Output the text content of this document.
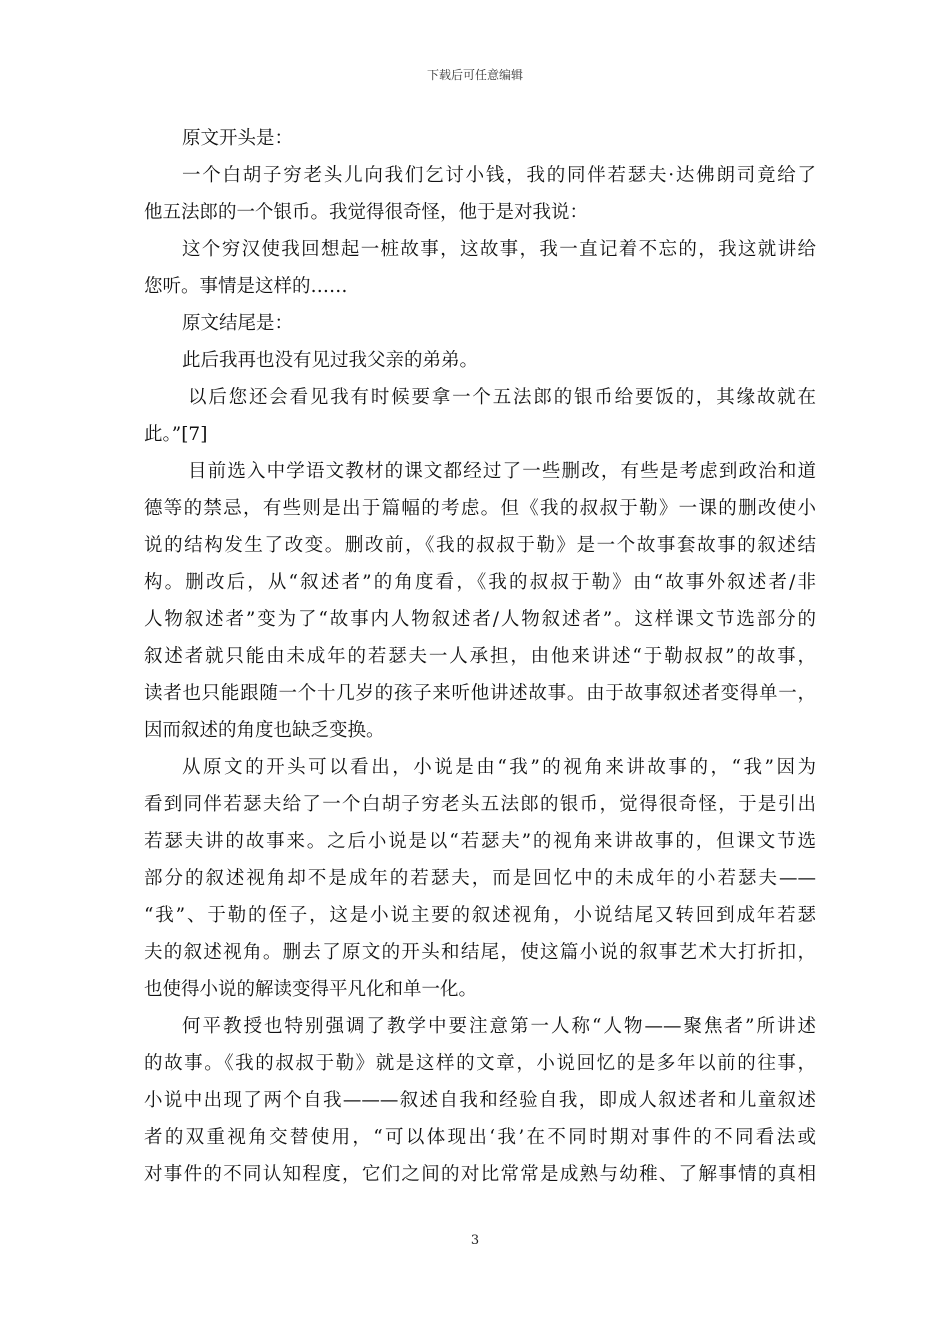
下载后可任意编辑
原文开头是：
一个白胡子穷老头儿向我们乞讨小钱，我的同伴若瑟夫·达佛朗司竟给了
他五法郎的一个银币。我觉得很奇怪，他于是对我说：
这个穷汉使我回想起一桩故事，这故事，我一直记着不忘的，我这就讲给
您听。事情是这样的……
原文结尾是：
此后我再也没有见过我父亲的弟弟。
以后您还会看见我有时候要拿一个五法郎的银币给要饭的，其缘故就在
此。”[7]
目前选入中学语文教材的课文都经过了一些删改，有些是考虑到政治和道
德等的禁忌，有些则是出于篇幅的考虑。但《我的叔叔于勒》一课的删改使小
说的结构发生了改变。删改前，《我的叔叔于勒》是一个故事套故事的叙述结
构。删改后，从“叙述者”的角度看，《我的叔叔于勒》由“故事外叙述者/非
人物叙述者”变为了“故事内人物叙述者/人物叙述者”。这样课文节选部分的
叙述者就只能由未成年的若瑟夫一人承担，由他来讲述“于勒叔叔”的故事，
读者也只能跟随一个十几岁的孩子来听他讲述故事。由于故事叙述者变得单一，
因而叙述的角度也缺乏变换。
从原文的开头可以看出，小说是由“我”的视角来讲故事的，“我”因为
看到同伴若瑟夫给了一个白胡子穷老头五法郎的银币，觉得很奇怪，于是引出
若瑟夫讲的故事来。之后小说是以“若瑟夫”的视角来讲故事的，但课文节选
部分的叙述视角却不是成年的若瑟夫，而是回忆中的未成年的小若瑟夫——
“我”、于勒的侄子，这是小说主要的叙述视角，小说结尾又转回到成年若瑟
夫的叙述视角。删去了原文的开头和结尾，使这篇小说的叙事艺术大打折扣，
也使得小说的解读变得平凡化和单一化。
何平教授也特别强调了教学中要注意第一人称“人物——聚焦者”所讲述
的故事。《我的叔叔于勒》就是这样的文章，小说回忆的是多年以前的往事，
小说中出现了两个自我———叙述自我和经验自我，即成人叙述者和儿童叙述
者的双重视角交替使用，“可以体现出‘我’在不同时期对事件的不同看法或
对事件的不同认知程度，它们之间的对比常常是成熟与幼稚、了解事情的真相
3
